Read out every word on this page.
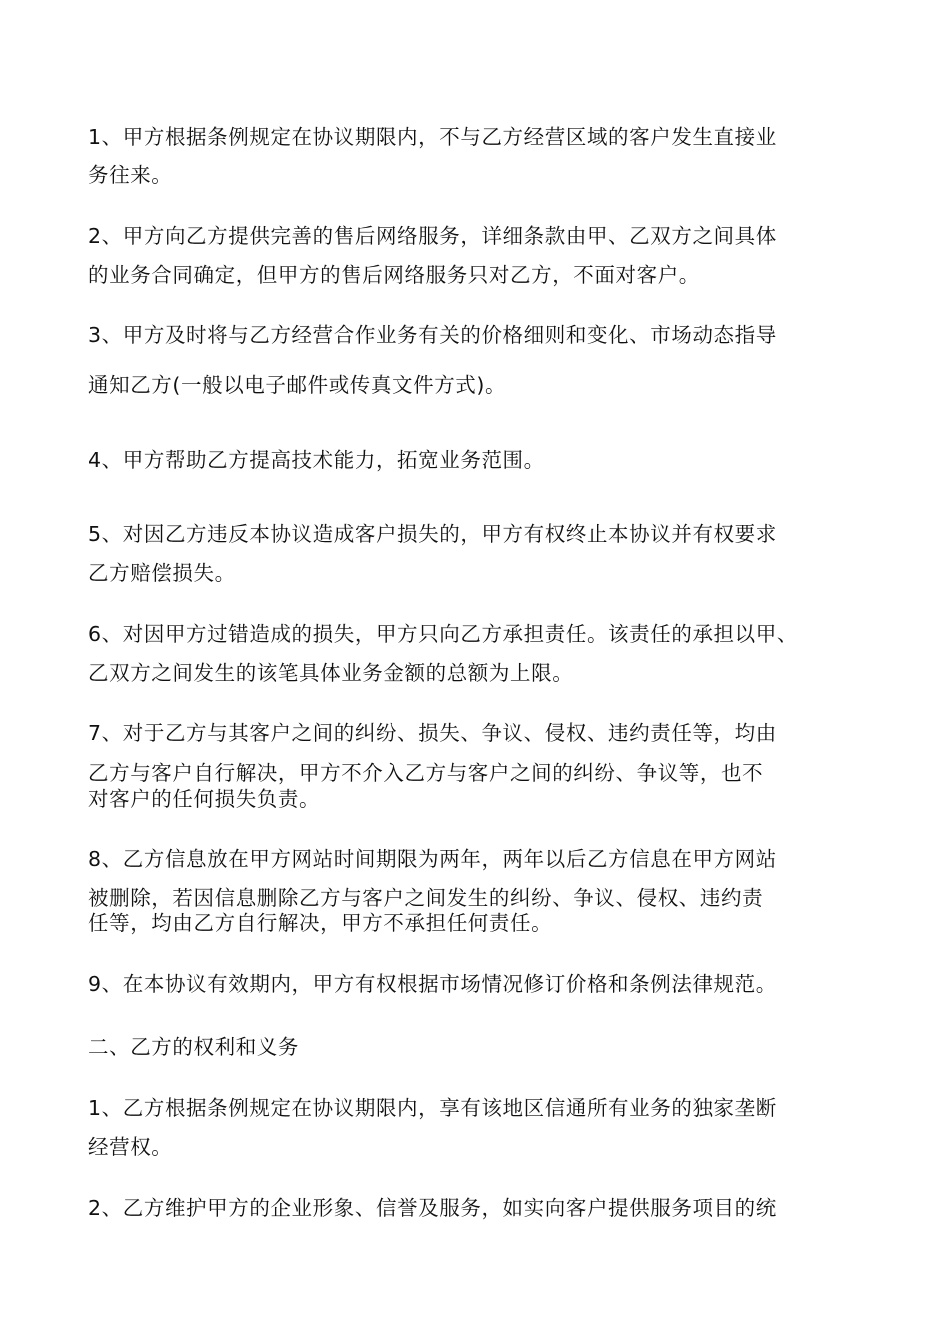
1、甲方根据条例规定在协议期限内，不与乙方经营区域的客户发生直接业
务往来。
2、甲方向乙方提供完善的售后网络服务，详细条款由甲、乙双方之间具体
的业务合同确定，但甲方的售后网络服务只对乙方，不面对客户。
3、甲方及时将与乙方经营合作业务有关的价格细则和变化、市场动态指导
通知乙方(一般以电子邮件或传真文件方式)。
4、甲方帮助乙方提高技术能力，拓宽业务范围。
5、对因乙方违反本协议造成客户损失的，甲方有权终止本协议并有权要求
乙方赔偿损失。
6、对因甲方过错造成的损失，甲方只向乙方承担责任。该责任的承担以甲、
乙双方之间发生的该笔具体业务金额的总额为上限。
7、对于乙方与其客户之间的纠纷、损失、争议、侵权、违约责任等，均由
乙方与客户自行解决，甲方不介入乙方与客户之间的纠纷、争议等，也不
对客户的任何损失负责。
8、乙方信息放在甲方网站时间期限为两年，两年以后乙方信息在甲方网站
被删除，若因信息删除乙方与客户之间发生的纠纷、争议、侵权、违约责
任等，均由乙方自行解决，甲方不承担任何责任。
9、在本协议有效期内，甲方有权根据市场情况修订价格和条例法律规范。
二、乙方的权利和义务
1、乙方根据条例规定在协议期限内，享有该地区信通所有业务的独家垄断
经营权。
2、乙方维护甲方的企业形象、信誉及服务，如实向客户提供服务项目的统
